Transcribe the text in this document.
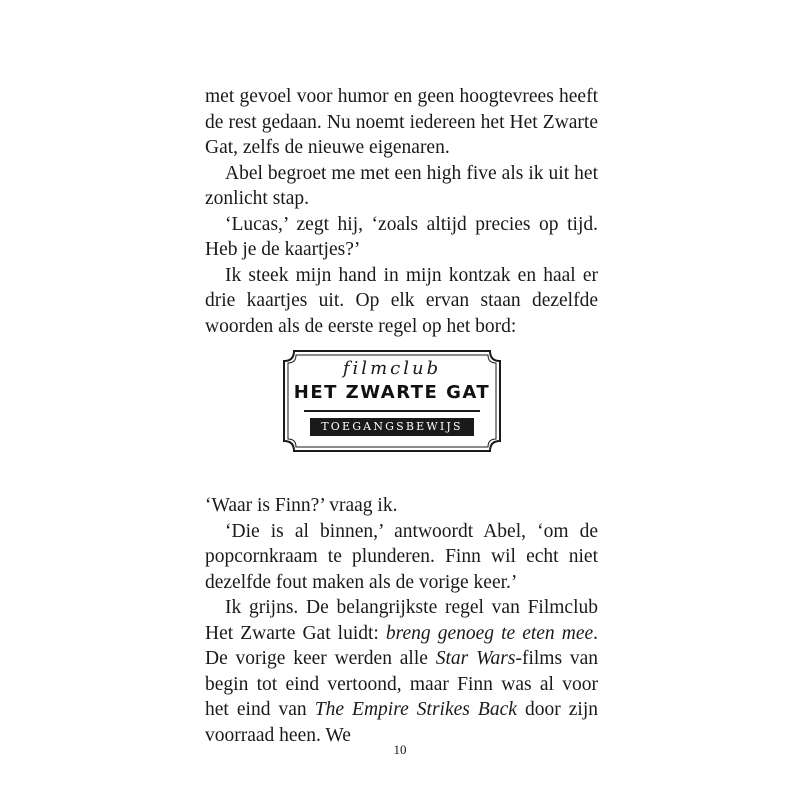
met gevoel voor humor en geen hoogtevrees heeft de rest gedaan. Nu noemt iedereen het Het Zwarte Gat, zelfs de nieuwe eigenaren.

Abel begroet me met een high five als ik uit het zonlicht stap.

‘Lucas,’ zegt hij, ‘zoals altijd precies op tijd. Heb je de kaartjes?’

Ik steek mijn hand in mijn kontzak en haal er drie kaartjes uit. Op elk ervan staan dezelfde woorden als de eerste regel op het bord:

filmclub
HET ZWARTE GAT
TOEGANGSBEWIJS

‘Waar is Finn?’ vraag ik.

‘Die is al binnen,’ antwoordt Abel, ‘om de popcornkraam te plunderen. Finn wil echt niet dezelfde fout maken als de vorige keer.’

Ik grijns. De belangrijkste regel van Filmclub Het Zwarte Gat luidt: breng genoeg te eten mee. De vorige keer werden alle Star Wars-films van begin tot eind vertoond, maar Finn was al voor het eind van The Empire Strikes Back door zijn voorraad heen. We

10
